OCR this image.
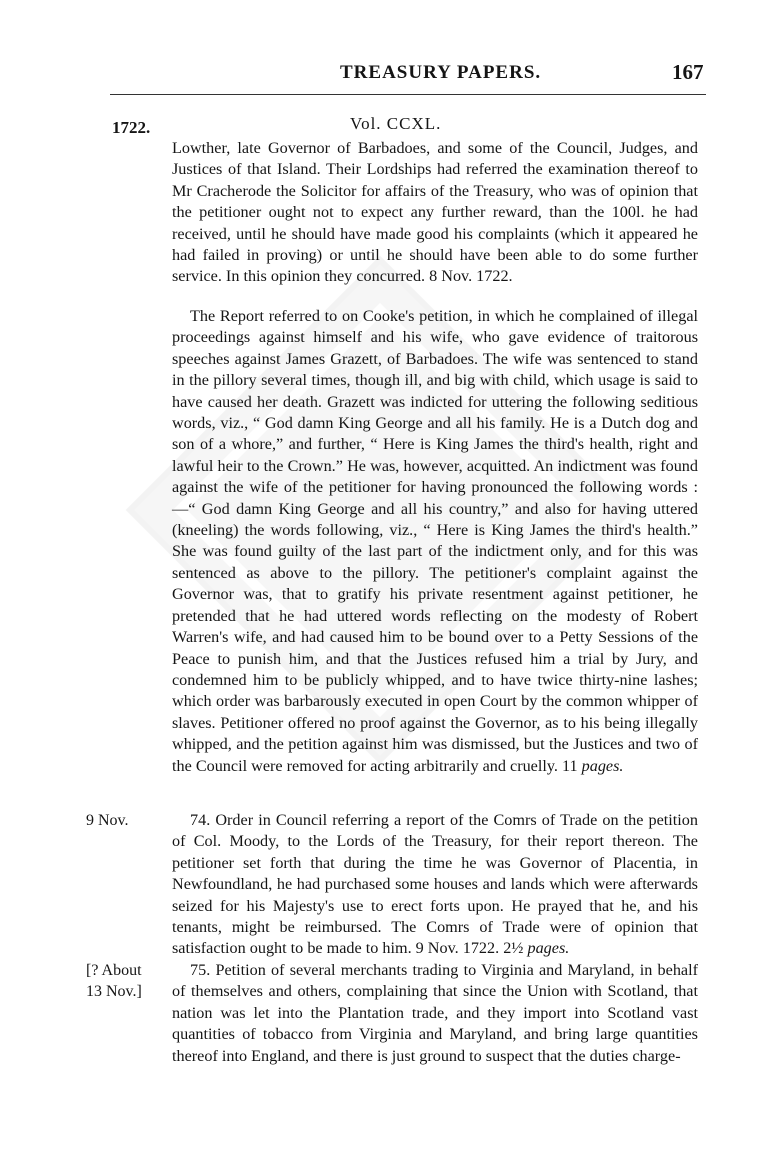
TREASURY PAPERS.	167
1722.	Vol. CCXL.

Lowther, late Governor of Barbadoes, and some of the Council, Judges, and Justices of that Island. Their Lordships had referred the examination thereof to Mr Cracherode the Solicitor for affairs of the Treasury, who was of opinion that the petitioner ought not to expect any further reward, than the 100l. he had received, until he should have made good his complaints (which it appeared he had failed in proving) or until he should have been able to do some further service. In this opinion they concurred. 8 Nov. 1722.

The Report referred to on Cooke's petition, in which he complained of illegal proceedings against himself and his wife, who gave evidence of traitorous speeches against James Grazett, of Barbadoes. The wife was sentenced to stand in the pillory several times, though ill, and big with child, which usage is said to have caused her death. Grazett was indicted for uttering the following seditious words, viz., “ God damn King George and all his family. He is a Dutch dog and son of a whore,” and further, “ Here is King James the third's health, right and lawful heir to the Crown.” He was, however, acquitted. An indictment was found against the wife of the petitioner for having pronounced the following words :—“ God damn King George and all his country,” and also for having uttered (kneeling) the words following, viz., “ Here is King James the third's health.” She was found guilty of the last part of the indictment only, and for this was sentenced as above to the pillory. The petitioner's complaint against the Governor was, that to gratify his private resentment against petitioner, he pretended that he had uttered words reflecting on the modesty of Robert Warren's wife, and had caused him to be bound over to a Petty Sessions of the Peace to punish him, and that the Justices refused him a trial by Jury, and condemned him to be publicly whipped, and to have twice thirty-nine lashes; which order was barbarously executed in open Court by the common whipper of slaves. Petitioner offered no proof against the Governor, as to his being illegally whipped, and the petition against him was dismissed, but the Justices and two of the Council were removed for acting arbitrarily and cruelly. 11 pages.

9 Nov.	74. Order in Council referring a report of the Comrs of Trade on the petition of Col. Moody, to the Lords of the Treasury, for their report thereon. The petitioner set forth that during the time he was Governor of Placentia, in Newfoundland, he had purchased some houses and lands which were afterwards seized for his Majesty's use to erect forts upon. He prayed that he, and his tenants, might be reimbursed. The Comrs of Trade were of opinion that satisfaction ought to be made to him. 9 Nov. 1722. 2½ pages.

[? About
13 Nov.]

75. Petition of several merchants trading to Virginia and Maryland, in behalf of themselves and others, complaining that since the Union with Scotland, that nation was let into the Plantation trade, and they import into Scotland vast quantities of tobacco from Virginia and Maryland, and bring large quantities thereof into England, and there is just ground to suspect that the duties charge-
